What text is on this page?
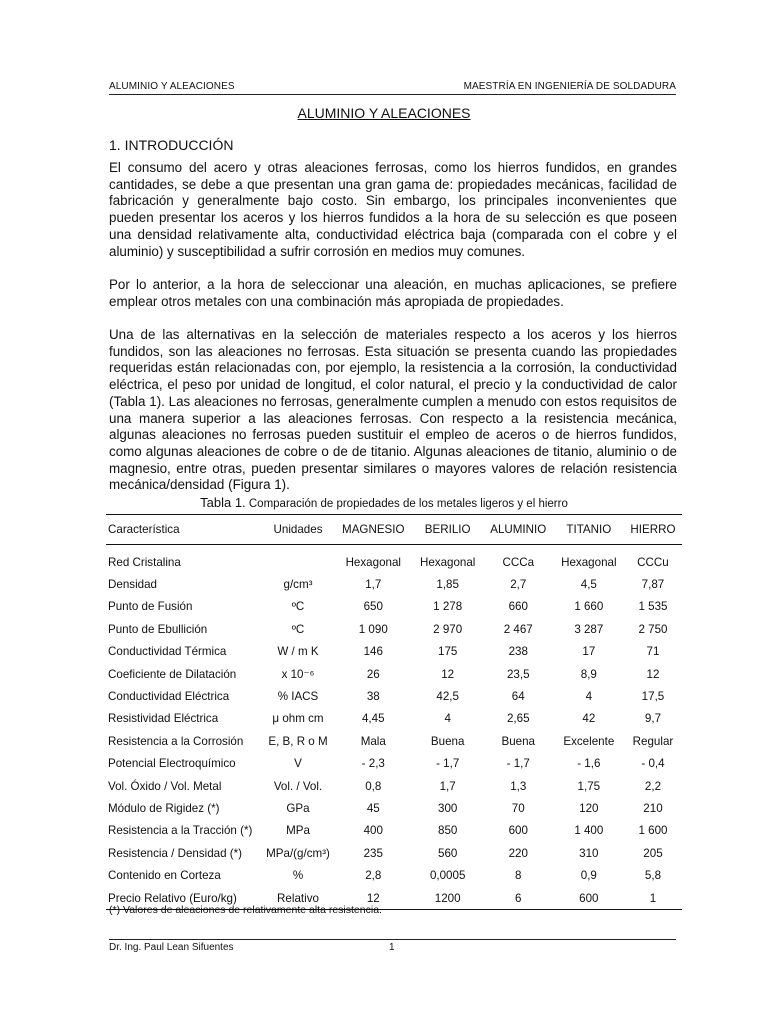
ALUMINIO Y ALEACIONES	MAESTRÍA EN INGENIERÍA DE SOLDADURA
ALUMINIO Y ALEACIONES
1. INTRODUCCIÓN

El consumo del acero y otras aleaciones ferrosas, como los hierros fundidos, en grandes cantidades, se debe a que presentan una gran gama de: propiedades mecánicas, facilidad de fabricación y generalmente bajo costo. Sin embargo, los principales inconvenientes que pueden presentar los aceros y los hierros fundidos a la hora de su selección es que poseen una densidad relativamente alta, conductividad eléctrica baja (comparada con el cobre y el aluminio) y susceptibilidad a sufrir corrosión en medios muy comunes.

Por lo anterior, a la hora de seleccionar una aleación, en muchas aplicaciones, se prefiere emplear otros metales con una combinación más apropiada de propiedades.

Una de las alternativas en la selección de materiales respecto a los aceros y los hierros fundidos, son las aleaciones no ferrosas. Esta situación se presenta cuando las propiedades requeridas están relacionadas con, por ejemplo, la resistencia a la corrosión, la conductividad eléctrica, el peso por unidad de longitud, el color natural, el precio y la conductividad de calor (Tabla 1). Las aleaciones no ferrosas, generalmente cumplen a menudo con estos requisitos de una manera superior a las aleaciones ferrosas. Con respecto a la resistencia mecánica, algunas aleaciones no ferrosas pueden sustituir el empleo de aceros o de hierros fundidos, como algunas aleaciones de cobre o de de titanio. Algunas aleaciones de titanio, aluminio o de magnesio, entre otras, pueden presentar similares o mayores valores de relación resistencia mecánica/densidad (Figura 1).

Tabla 1. Comparación de propiedades de los metales ligeros y el hierro
Característica	Unidades	MAGNESIO	BERILIO	ALUMINIO	TITANIO	HIERRO
Red Cristalina		Hexagonal	Hexagonal	CCCa	Hexagonal	CCCu
Densidad	g/cm³	1,7	1,85	2,7	4,5	7,87
Punto de Fusión	ºC	650	1 278	660	1 660	1 535
Punto de Ebullición	ºC	1 090	2 970	2 467	3 287	2 750
Conductividad Térmica	W / m K	146	175	238	17	71
Coeficiente de Dilatación	x 10⁻⁶	26	12	23,5	8,9	12
Conductividad Eléctrica	% IACS	38	42,5	64	4	17,5
Resistividad Eléctrica	μ ohm cm	4,45	4	2,65	42	9,7
Resistencia a la Corrosión	E, B, R o M	Mala	Buena	Buena	Excelente	Regular
Potencial Electroquímico	V	- 2,3	- 1,7	- 1,7	- 1,6	- 0,4
Vol. Óxido / Vol. Metal	Vol. / Vol.	0,8	1,7	1,3	1,75	2,2
Módulo de Rigidez (*)	GPa	45	300	70	120	210
Resistencia a la Tracción (*)	MPa	400	850	600	1 400	1 600
Resistencia / Densidad (*)	MPa/(g/cm³)	235	560	220	310	205
Contenido en Corteza	%	2,8	0,0005	8	0,9	5,8
Precio Relativo (Euro/kg)	Relativo	12	1200	6	600	1
(*) Valores de aleaciones de relativamente alta resistencia.
Dr. Ing. Paul Lean Sifuentes	1
